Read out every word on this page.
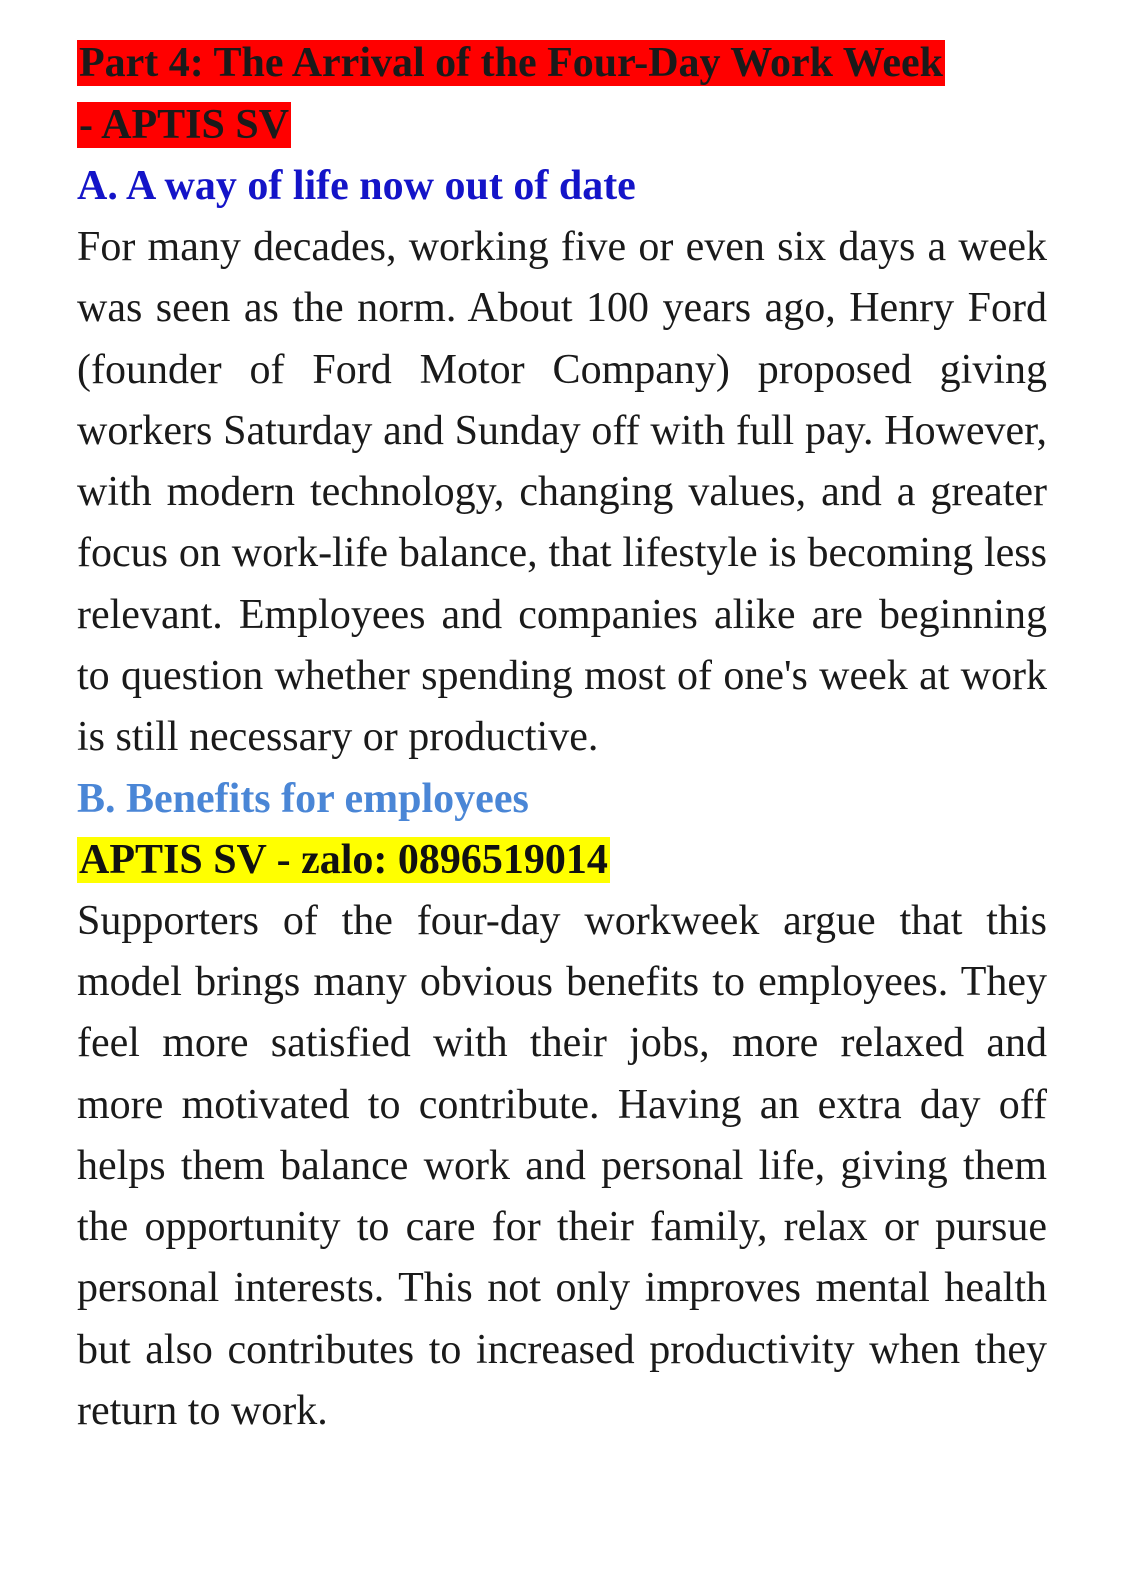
Part 4: The Arrival of the Four-Day Work Week
- APTIS SV
A. A way of life now out of date

For many decades, working five or even six days a week was seen as the norm. About 100 years ago, Henry Ford (founder of Ford Motor Company) proposed giving workers Saturday and Sunday off with full pay. However, with modern technology, changing values, and a greater focus on work-life balance, that lifestyle is becoming less relevant. Employees and companies alike are beginning to question whether spending most of one's week at work is still necessary or productive.

B. Benefits for employees

APTIS SV - zalo: 0896519014

Supporters of the four-day workweek argue that this model brings many obvious benefits to employees. They feel more satisfied with their jobs, more relaxed and more motivated to contribute. Having an extra day off helps them balance work and personal life, giving them the opportunity to care for their family, relax or pursue personal interests. This not only improves mental health but also contributes to increased productivity when they return to work.
